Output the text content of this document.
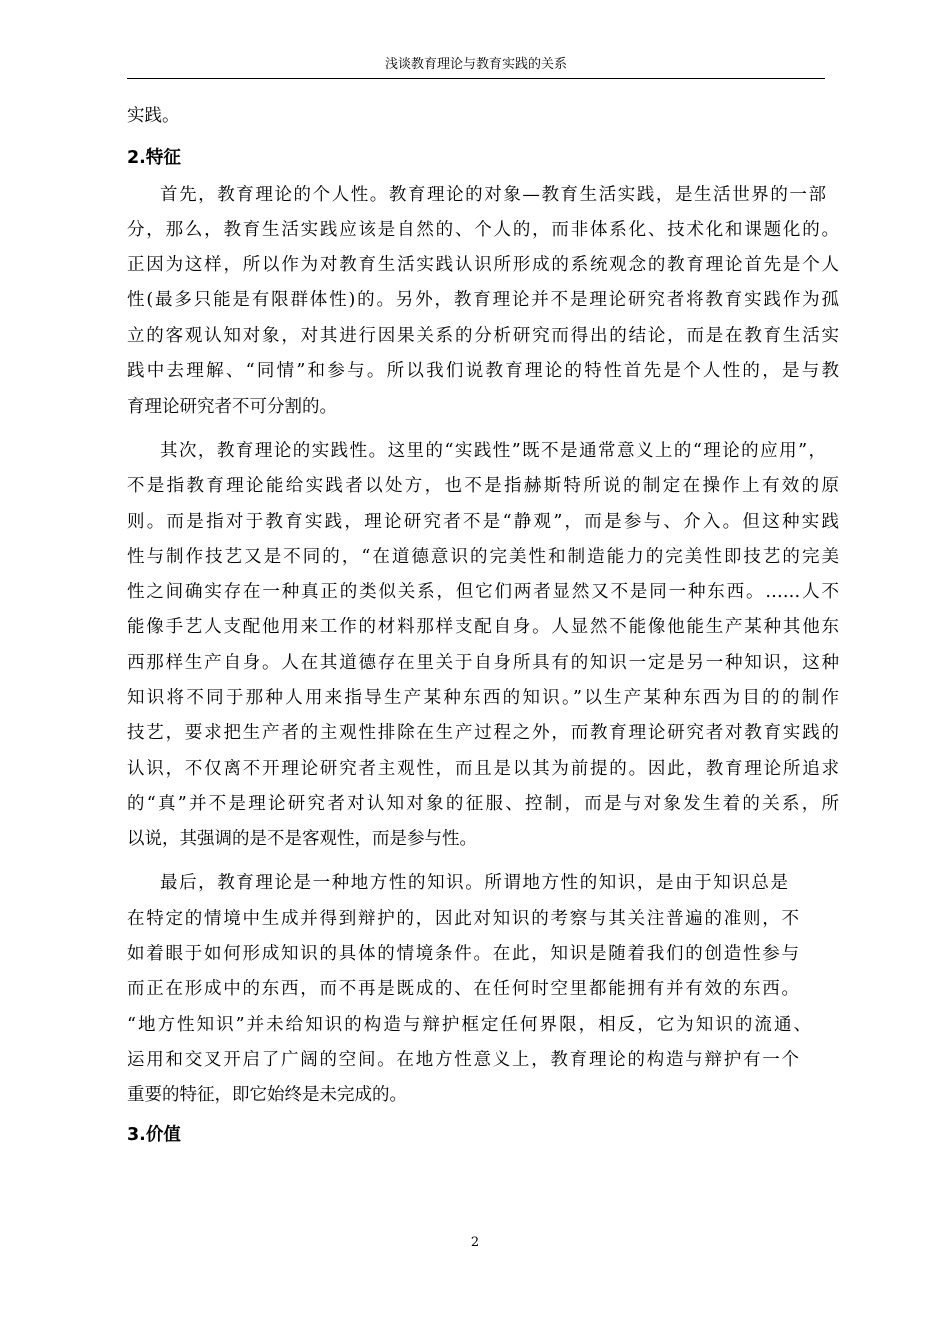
浅谈教育理论与教育实践的关系
实践。
2.特征
首先，教育理论的个人性。教育理论的对象—教育生活实践，是生活世界的一部
分，那么，教育生活实践应该是自然的、个人的，而非体系化、技术化和课题化的。
正因为这样，所以作为对教育生活实践认识所形成的系统观念的教育理论首先是个人
性(最多只能是有限群体性)的。另外，教育理论并不是理论研究者将教育实践作为孤
立的客观认知对象，对其进行因果关系的分析研究而得出的结论，而是在教育生活实
践中去理解、“同情”和参与。所以我们说教育理论的特性首先是个人性的，是与教
育理论研究者不可分割的。
其次，教育理论的实践性。这里的“实践性”既不是通常意义上的“理论的应用”，
不是指教育理论能给实践者以处方，也不是指赫斯特所说的制定在操作上有效的原
则。而是指对于教育实践，理论研究者不是“静观”，而是参与、介入。但这种实践
性与制作技艺又是不同的，“在道德意识的完美性和制造能力的完美性即技艺的完美
性之间确实存在一种真正的类似关系，但它们两者显然又不是同一种东西。……人不
能像手艺人支配他用来工作的材料那样支配自身。人显然不能像他能生产某种其他东
西那样生产自身。人在其道德存在里关于自身所具有的知识一定是另一种知识，这种
知识将不同于那种人用来指导生产某种东西的知识。”以生产某种东西为目的的制作
技艺，要求把生产者的主观性排除在生产过程之外，而教育理论研究者对教育实践的
认识，不仅离不开理论研究者主观性，而且是以其为前提的。因此，教育理论所追求
的“真”并不是理论研究者对认知对象的征服、控制，而是与对象发生着的关系，所
以说，其强调的是不是客观性，而是参与性。
最后，教育理论是一种地方性的知识。所谓地方性的知识，是由于知识总是
在特定的情境中生成并得到辩护的，因此对知识的考察与其关注普遍的准则，不
如着眼于如何形成知识的具体的情境条件。在此，知识是随着我们的创造性参与
而正在形成中的东西，而不再是既成的、在任何时空里都能拥有并有效的东西。
“地方性知识”并未给知识的构造与辩护框定任何界限，相反，它为知识的流通、
运用和交叉开启了广阔的空间。在地方性意义上，教育理论的构造与辩护有一个
重要的特征，即它始终是未完成的。
3.价值
2
